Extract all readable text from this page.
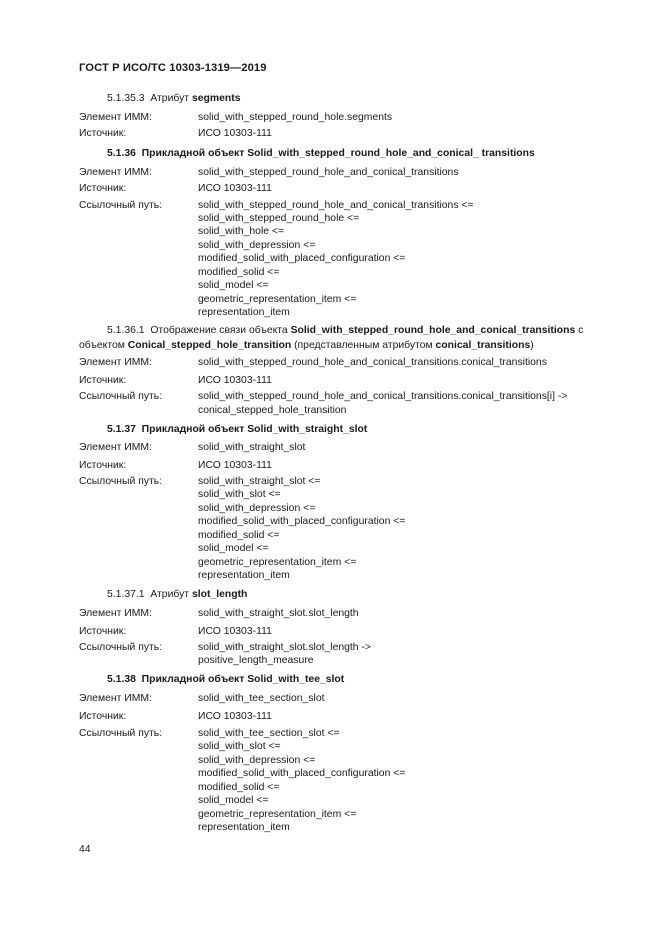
ГОСТ Р ИСО/ТС 10303-1319—2019
5.1.35.3 Атрибут segments
Элемент ИММ:	solid_with_stepped_round_hole.segments
Источник:	ИСО 10303-111
5.1.36 Прикладной объект Solid_with_stepped_round_hole_and_conical_ transitions
Элемент ИММ:	solid_with_stepped_round_hole_and_conical_transitions
Источник:	ИСО 10303-111
Ссылочный путь:	solid_with_stepped_round_hole_and_conical_transitions <=
solid_with_stepped_round_hole <=
solid_with_hole <=
solid_with_depression <=
modified_solid_with_placed_configuration <=
modified_solid <=
solid_model <=
geometric_representation_item <=
representation_item
5.1.36.1 Отображение связи объекта Solid_with_stepped_round_hole_and_conical_transitions с
объектом Conical_stepped_hole_transition (представленным атрибутом conical_transitions)
Элемент ИММ:	solid_with_stepped_round_hole_and_conical_transitions.conical_transitions
Источник:	ИСО 10303-111
Ссылочный путь:	solid_with_stepped_round_hole_and_conical_transitions.conical_transitions[i] ->
conical_stepped_hole_transition
5.1.37 Прикладной объект Solid_with_straight_slot
Элемент ИММ:	solid_with_straight_slot
Источник:	ИСО 10303-111
Ссылочный путь:	solid_with_straight_slot <=
solid_with_slot <=
solid_with_depression <=
modified_solid_with_placed_configuration <=
modified_solid <=
solid_model <=
geometric_representation_item <=
representation_item
5.1.37.1 Атрибут slot_length
Элемент ИММ:	solid_with_straight_slot.slot_length
Источник:	ИСО 10303-111
Ссылочный путь:	solid_with_straight_slot.slot_length ->
positive_length_measure
5.1.38 Прикладной объект Solid_with_tee_slot
Элемент ИММ:	solid_with_tee_section_slot
Источник:	ИСО 10303-111
Ссылочный путь:	solid_with_tee_section_slot <=
solid_with_slot <=
solid_with_depression <=
modified_solid_with_placed_configuration <=
modified_solid <=
solid_model <=
geometric_representation_item <=
representation_item
44
